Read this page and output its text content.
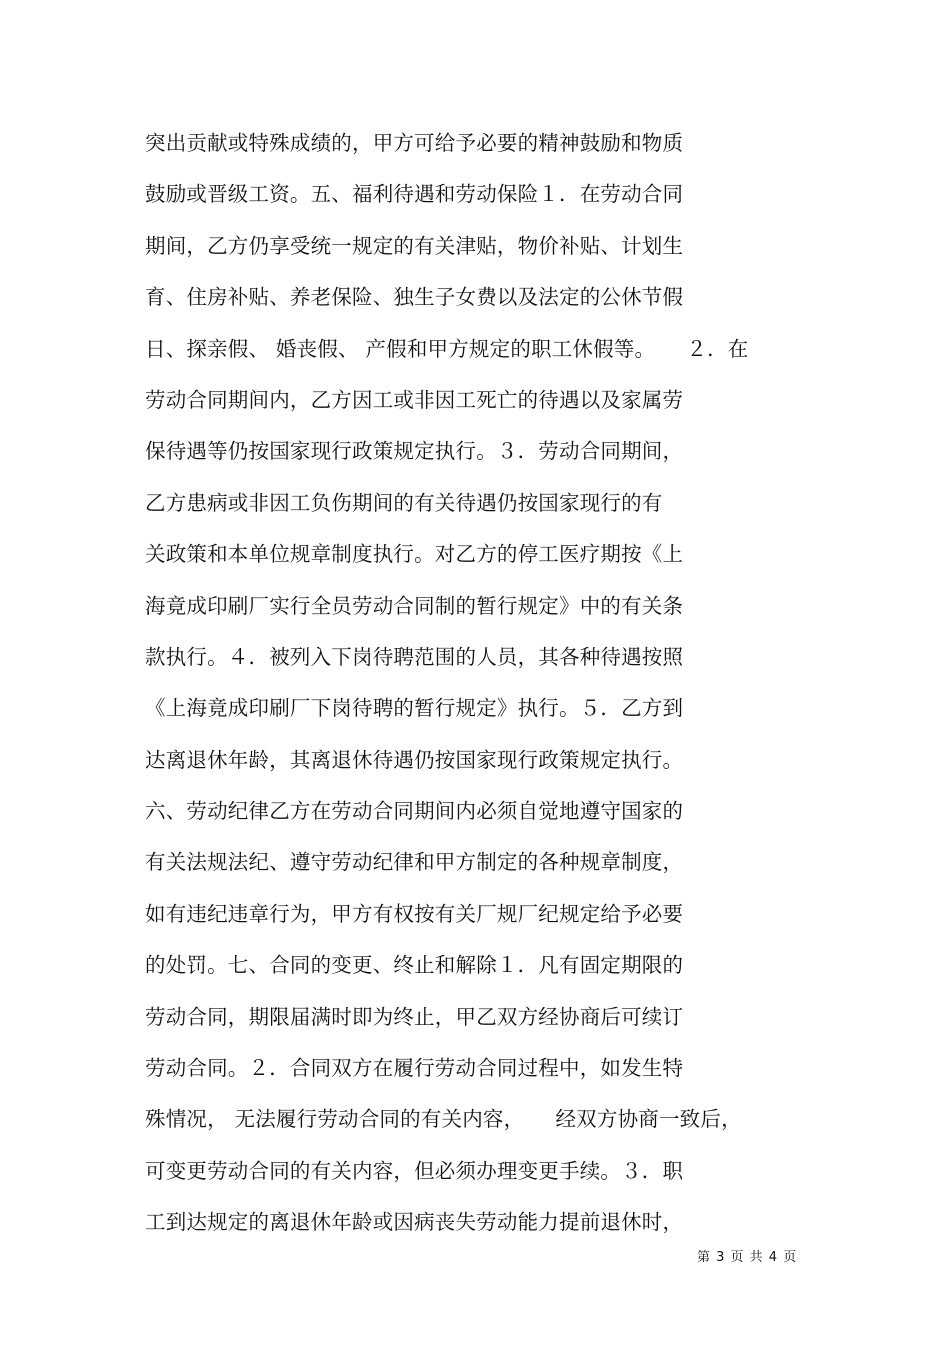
突出贡献或特殊成绩的，甲方可给予必要的精神鼓励和物质
鼓励或晋级工资。五、福利待遇和劳动保险１．在劳动合同
期间，乙方仍享受统一规定的有关津贴，物价补贴、计划生
育、住房补贴、养老保险、独生子女费以及法定的公休节假
日、探亲假、 婚丧假、 产假和甲方规定的职工休假等。　　２．在
劳动合同期间内，乙方因工或非因工死亡的待遇以及家属劳
保待遇等仍按国家现行政策规定执行。３．劳动合同期间，
乙方患病或非因工负伤期间的有关待遇仍按国家现行的有
关政策和本单位规章制度执行。对乙方的停工医疗期按《上
海竟成印刷厂实行全员劳动合同制的暂行规定》中的有关条
款执行。４．被列入下岗待聘范围的人员，其各种待遇按照
《上海竟成印刷厂下岗待聘的暂行规定》执行。５．乙方到
达离退休年龄，其离退休待遇仍按国家现行政策规定执行。
六、劳动纪律乙方在劳动合同期间内必须自觉地遵守国家的
有关法规法纪、遵守劳动纪律和甲方制定的各种规章制度，
如有违纪违章行为，甲方有权按有关厂规厂纪规定给予必要
的处罚。七、合同的变更、终止和解除１．凡有固定期限的
劳动合同，期限届满时即为终止，甲乙双方经协商后可续订
劳动合同。２．合同双方在履行劳动合同过程中，如发生特
殊情况， 无法履行劳动合同的有关内容，　　经双方协商一致后，
可变更劳动合同的有关内容，但必须办理变更手续。３．职
工到达规定的离退休年龄或因病丧失劳动能力提前退休时，
第 3 页 共 4 页
